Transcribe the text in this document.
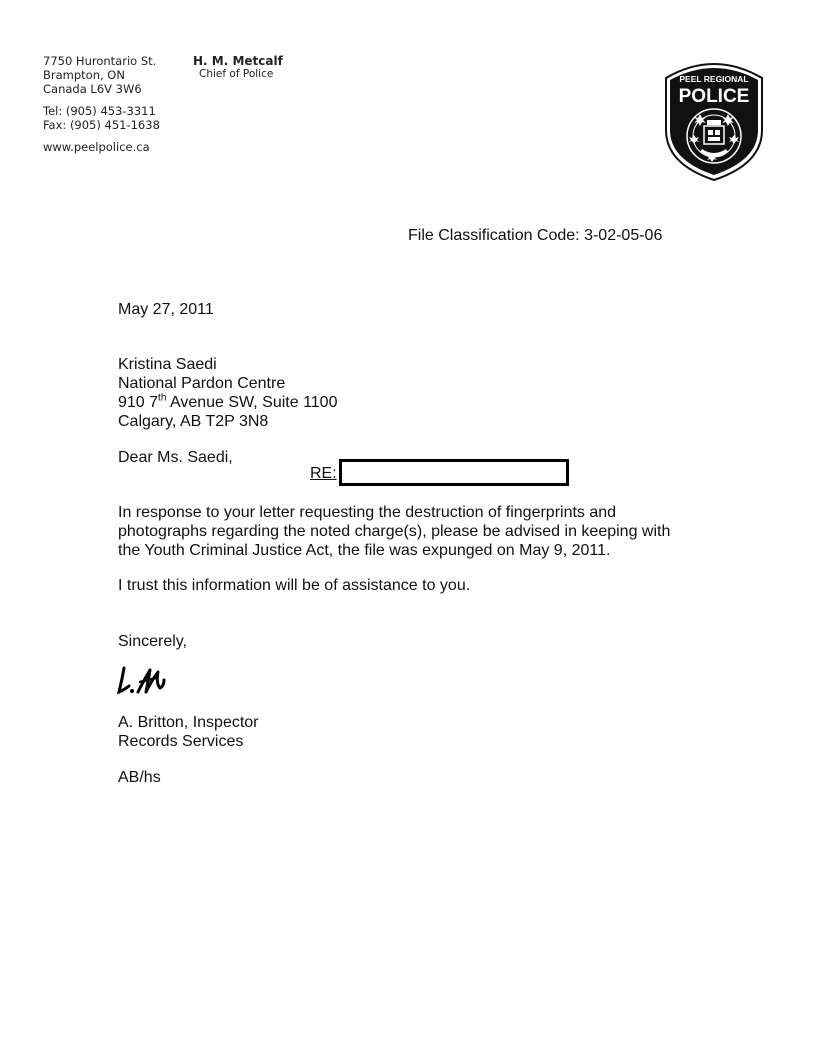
7750 Hurontario St.
Brampton, ON
Canada L6V 3W6
Tel: (905) 453-3311
Fax: (905) 451-1638
www.peelpolice.ca
H. M. Metcalf
Chief of Police	PEEL REGIONAL
POLICE
File Classification Code: 3-02-05-06
May 27, 2011
Kristina Saedi
National Pardon Centre
910 7th Avenue SW, Suite 1100
Calgary, AB T2P 3N8
Dear Ms. Saedi,
RE:
In response to your letter requesting the destruction of fingerprints and
photographs regarding the noted charge(s), please be advised in keeping with
the Youth Criminal Justice Act, the file was expunged on May 9, 2011.
I trust this information will be of assistance to you.
Sincerely,
A. Britton, Inspector
Records Services
AB/hs
